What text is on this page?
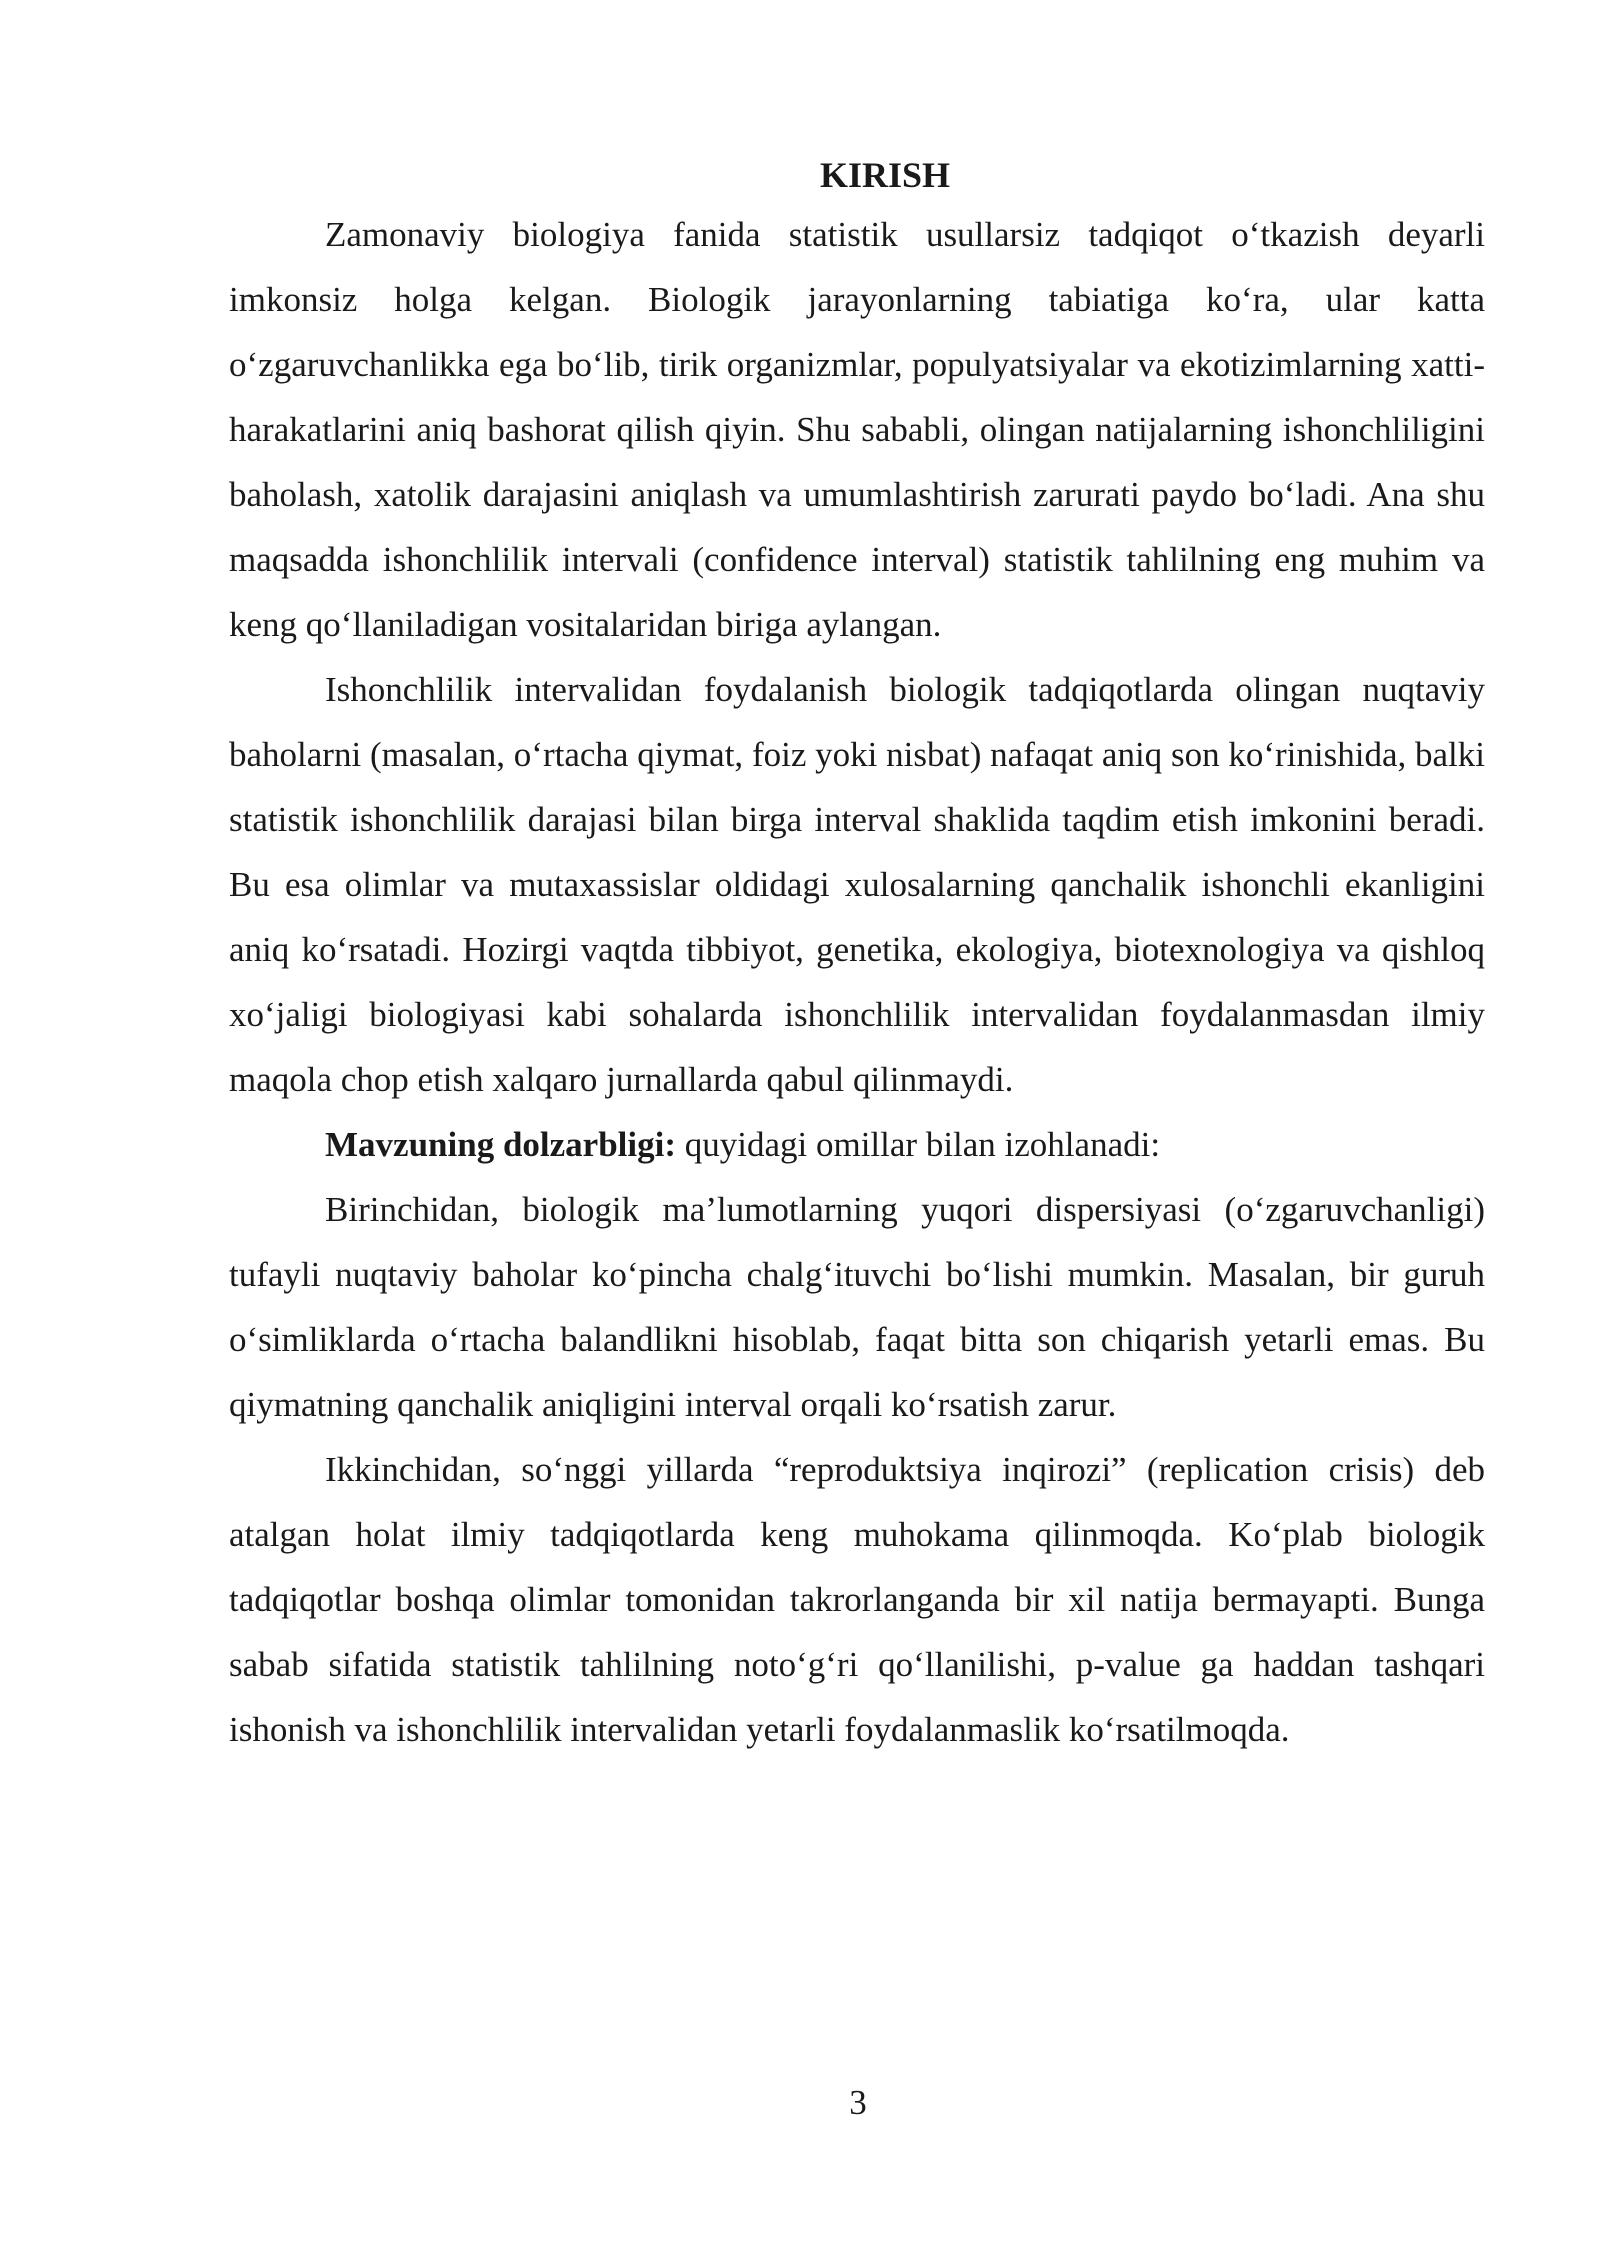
KIRISH

Zamonaviy biologiya fanida statistik usullarsiz tadqiqot o‘tkazish deyarli imkonsiz holga kelgan. Biologik jarayonlarning tabiatiga ko‘ra, ular katta o‘zgaruvchanlikka ega bo‘lib, tirik organizmlar, populyatsiyalar va ekotizimlarning xatti-harakatlarini aniq bashorat qilish qiyin. Shu sababli, olingan natijalarning ishonchliligini baholash, xatolik darajasini aniqlash va umumlashtirish zarurati paydo bo‘ladi. Ana shu maqsadda ishonchlilik intervali (confidence interval) statistik tahlilning eng muhim va keng qo‘llaniladigan vositalaridan biriga aylangan.

Ishonchlilik intervalidan foydalanish biologik tadqiqotlarda olingan nuqtaviy baholarni (masalan, o‘rtacha qiymat, foiz yoki nisbat) nafaqat aniq son ko‘rinishida, balki statistik ishonchlilik darajasi bilan birga interval shaklida taqdim etish imkonini beradi. Bu esa olimlar va mutaxassislar oldidagi xulosalarning qanchalik ishonchli ekanligini aniq ko‘rsatadi. Hozirgi vaqtda tibbiyot, genetika, ekologiya, biotexnologiya va qishloq xo‘jaligi biologiyasi kabi sohalarda ishonchlilik intervalidan foydalanmasdan ilmiy maqola chop etish xalqaro jurnallarda qabul qilinmaydi.

Mavzuning dolzarbligi: quyidagi omillar bilan izohlanadi:

Birinchidan, biologik ma’lumotlarning yuqori dispersiyasi (o‘zgaruvchanligi) tufayli nuqtaviy baholar ko‘pincha chalg‘ituvchi bo‘lishi mumkin. Masalan, bir guruh o‘simliklarda o‘rtacha balandlikni hisoblab, faqat bitta son chiqarish yetarli emas. Bu qiymatning qanchalik aniqligini interval orqali ko‘rsatish zarur.

Ikkinchidan, so‘nggi yillarda “reproduktsiya inqirozi” (replication crisis) deb atalgan holat ilmiy tadqiqotlarda keng muhokama qilinmoqda. Ko‘plab biologik tadqiqotlar boshqa olimlar tomonidan takrorlanganda bir xil natija bermayapti. Bunga sabab sifatida statistik tahlilning noto‘g‘ri qo‘llanilishi, p-value ga haddan tashqari ishonish va ishonchlilik intervalidan yetarli foydalanmaslik ko‘rsatilmoqda.

3
